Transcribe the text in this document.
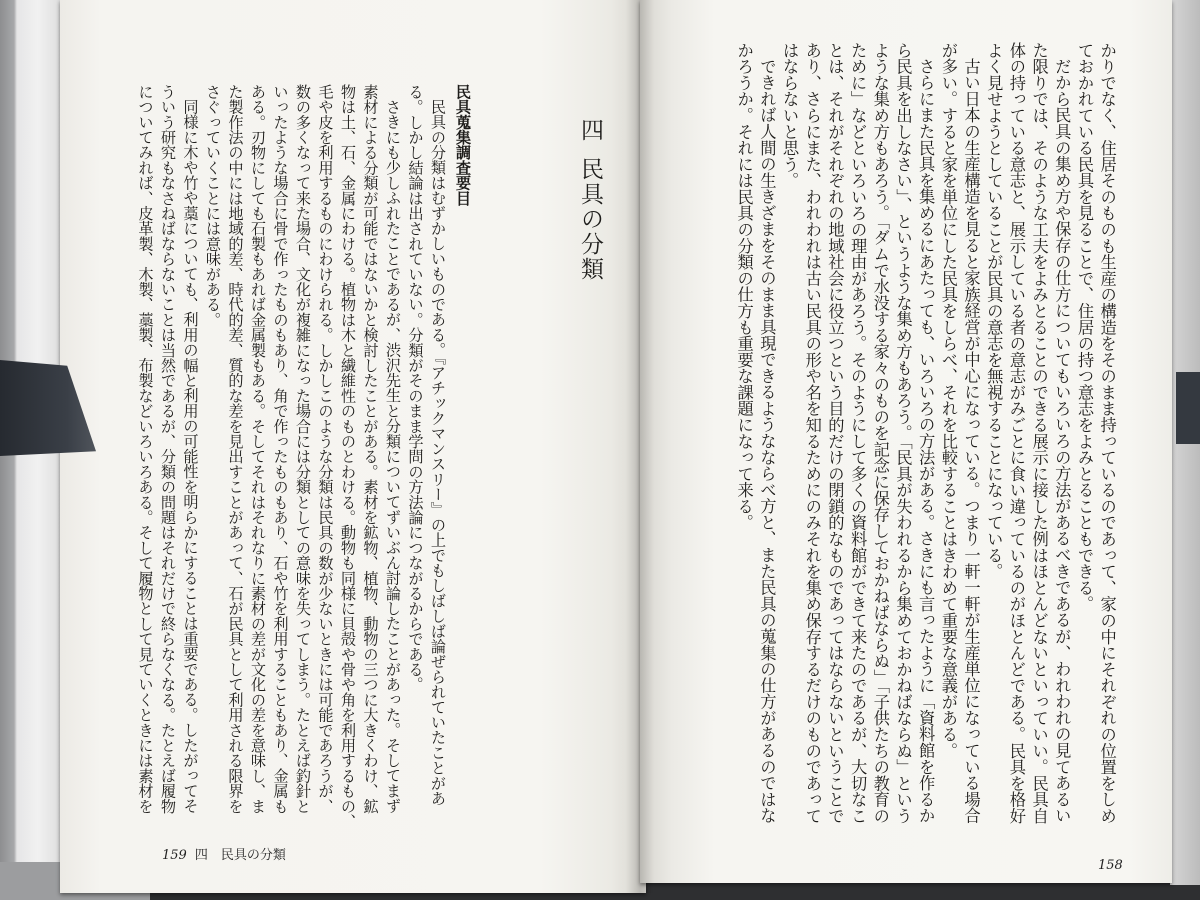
かりでなく、住居そのものも生産の構造をそのまま持っているのであって、家の中にそれぞれの位置をしめ
ておかれている民具を見ることで、住居の持つ意志をよみとることもできる。
だから民具の集め方や保存の仕方についてもいろいろの方法があるべきであるが、われわれの見てあるい
た限りでは、そのような工夫をよみとることのできる展示に接した例はほとんどないといっていい。民具自
体の持っている意志と、展示している者の意志がみごとに食い違っているのがほとんどである。民具を格好
よく見せようとしていることが民具の意志を無視することになっている。
古い日本の生産構造を見ると家族経営が中心になっている。つまり一軒一軒が生産単位になっている場合
が多い。すると家を単位にした民具をしらべ、それを比較することはきわめて重要な意義がある。
さらにまた民具を集めるにあたっても、いろいろの方法がある。さきにも言ったように「資料館を作るか
ら民具を出しなさい」、というような集め方もあろう。「民具が失われるから集めておかねばならぬ」という
ような集め方もあろう。「ダムで水没する家々のものを記念に保存しておかねばならぬ」「子供たちの教育の
ために」などといろいろの理由があろう。そのようにして多くの資料館ができて来たのであるが、大切なこ
とは、それがそれぞれの地域社会に役立つという目的だけの閉鎖的なものであってはならないということで
あり、さらにまた、われわれは古い民具の形や名を知るためにのみそれを集め保存するだけのものであって
はならないと思う。
できれば人間の生きざまをそのまま具現できるようなならべ方と、また民具の蒐集の仕方があるのではな
かろうか。それには民具の分類の仕方も重要な課題になって来る。
158
四民具の分類
民具蒐集調査要目
民具の分類はむずかしいものである。『アチックマンスリー』の上でもしばしば論ぜられていたことがあ
る。しかし結論は出されていない。分類がそのまま学問の方法論につながるからである。
さきにも少しふれたことであるが、渋沢先生と分類についてずいぶん討論したことがあった。そしてまず
素材による分類が可能ではないかと検討したことがある。素材を鉱物、植物、動物の三つに大きくわけ、鉱
物は土、石、金属にわける。植物は木と繊維性のものとわける。動物も同様に貝殻や骨や角を利用するもの、
毛や皮を利用するものにわけられる。しかしこのような分類は民具の数が少ないときには可能であろうが、
数の多くなって来た場合、文化が複雑になった場合には分類としての意味を失ってしまう。たとえば釣針と
いったような場合に骨で作ったものもあり、角で作ったものもあり、石や竹を利用することもあり、金属も
ある。刃物にしても石製もあれば金属製もある。そしてそれはそれなりに素材の差が文化の差を意味し、ま
た製作法の中には地域的差、時代的差、質的な差を見出すことがあって、石が民具として利用される限界を
さぐっていくことには意味がある。
同様に木や竹や藁についても、利用の幅と利用の可能性を明らかにすることは重要である。したがってそ
ういう研究もなさねばならないことは当然であるが、分類の問題はそれだけで終らなくなる。たとえば履物
についてみれば、皮革製、木製、藁製、布製などいろいろある。そして履物として見ていくときには素材を
159 四　民具の分類
